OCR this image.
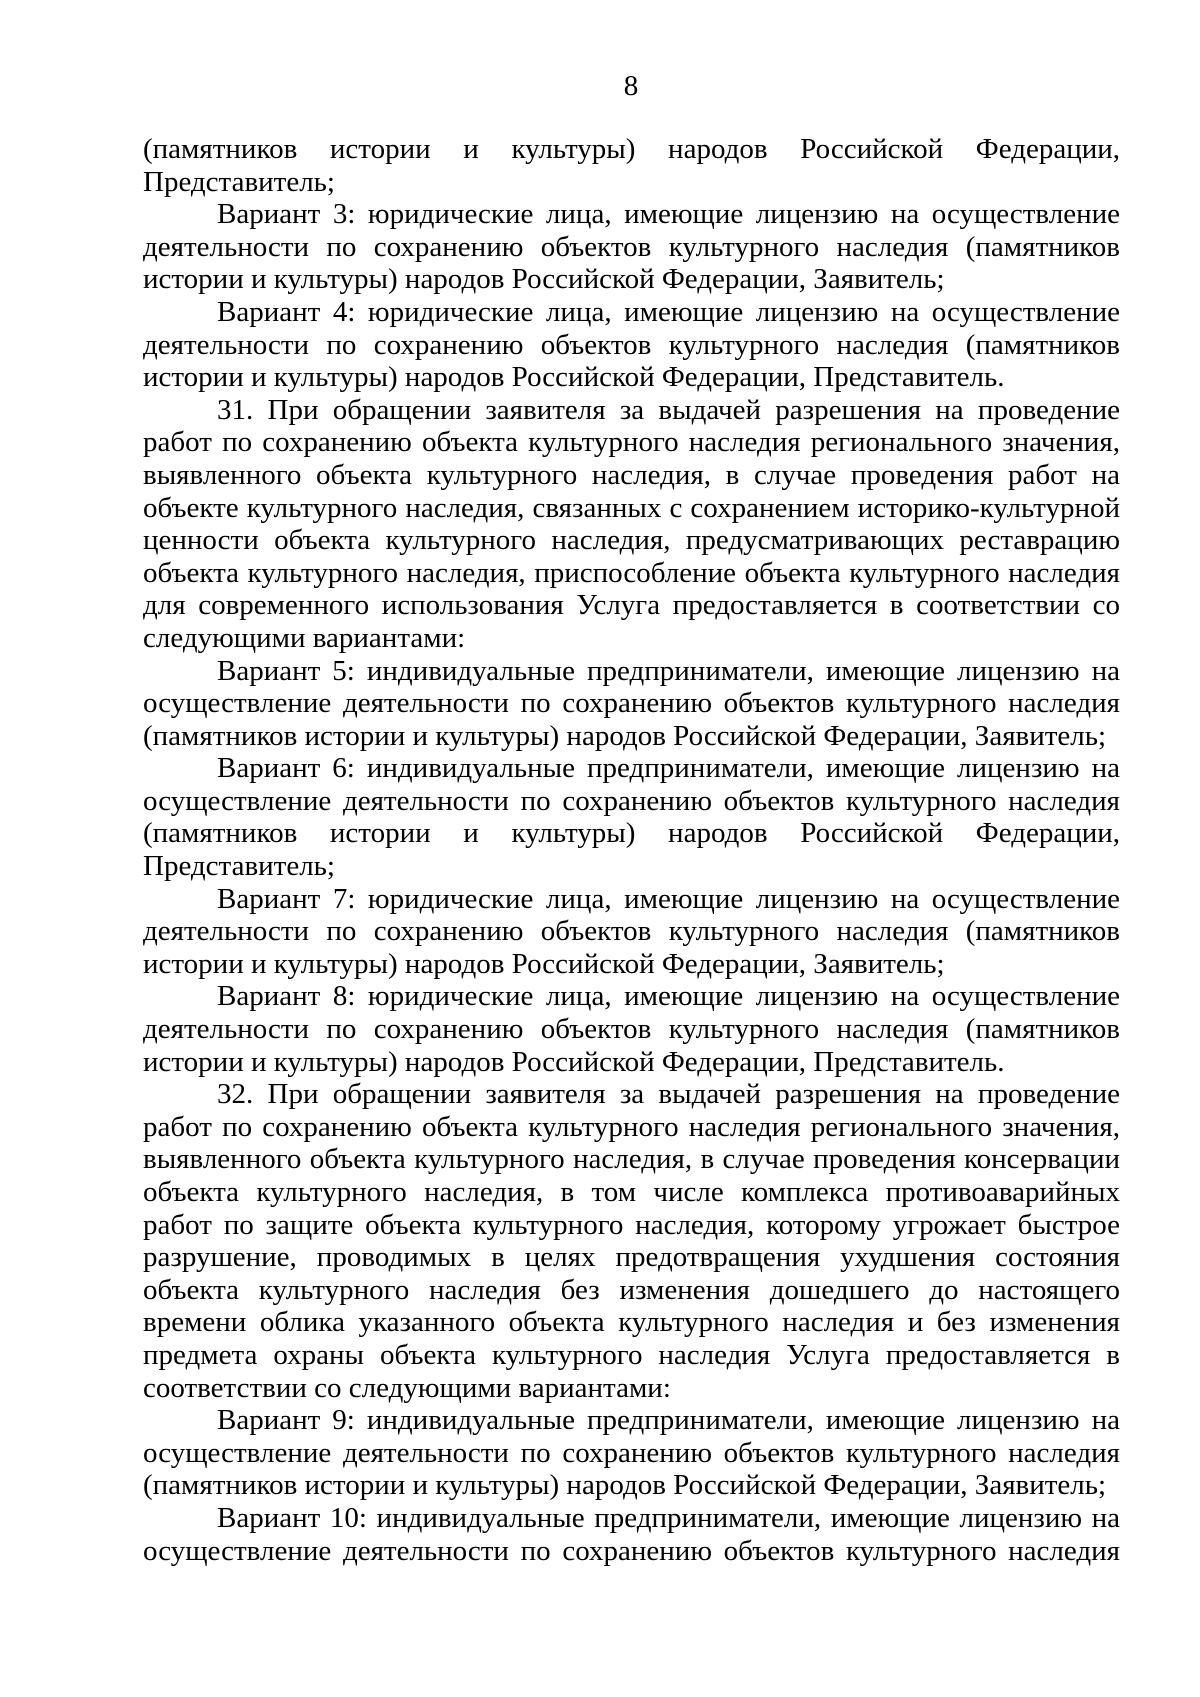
8

(памятников истории и культуры) народов Российской Федерации,
Представитель;

Вариант 3: юридические лица, имеющие лицензию на осуществление деятельности по сохранению объектов культурного наследия (памятников истории и культуры) народов Российской Федерации, Заявитель;

Вариант 4: юридические лица, имеющие лицензию на осуществление деятельности по сохранению объектов культурного наследия (памятников истории и культуры) народов Российской Федерации, Представитель.

31. При обращении заявителя за выдачей разрешения на проведение работ по сохранению объекта культурного наследия регионального значения, выявленного объекта культурного наследия, в случае проведения работ на объекте культурного наследия, связанных с сохранением историко-культурной ценности объекта культурного наследия, предусматривающих реставрацию объекта культурного наследия, приспособление объекта культурного наследия для современного использования Услуга предоставляется в соответствии со следующими вариантами:

Вариант 5: индивидуальные предприниматели, имеющие лицензию на осуществление деятельности по сохранению объектов культурного наследия (памятников истории и культуры) народов Российской Федерации, Заявитель;

Вариант 6: индивидуальные предприниматели, имеющие лицензию на
осуществление деятельности по сохранению объектов культурного наследия
(памятников истории и культуры) народов Российской Федерации,
Представитель;

Вариант 7: юридические лица, имеющие лицензию на осуществление деятельности по сохранению объектов культурного наследия (памятников истории и культуры) народов Российской Федерации, Заявитель;

Вариант 8: юридические лица, имеющие лицензию на осуществление деятельности по сохранению объектов культурного наследия (памятников истории и культуры) народов Российской Федерации, Представитель.

32. При обращении заявителя за выдачей разрешения на проведение работ по сохранению объекта культурного наследия регионального значения, выявленного объекта культурного наследия, в случае проведения консервации объекта культурного наследия, в том числе комплекса противоаварийных работ по защите объекта культурного наследия, которому угрожает быстрое разрушение, проводимых в целях предотвращения ухудшения состояния объекта культурного наследия без изменения дошедшего до настоящего времени облика указанного объекта культурного наследия и без изменения предмета охраны объекта культурного наследия Услуга предоставляется в соответствии со следующими вариантами:

Вариант 9: индивидуальные предприниматели, имеющие лицензию на осуществление деятельности по сохранению объектов культурного наследия (памятников истории и культуры) народов Российской Федерации, Заявитель;

Вариант 10: индивидуальные предприниматели, имеющие лицензию на
осуществление деятельности по сохранению объектов культурного наследия
